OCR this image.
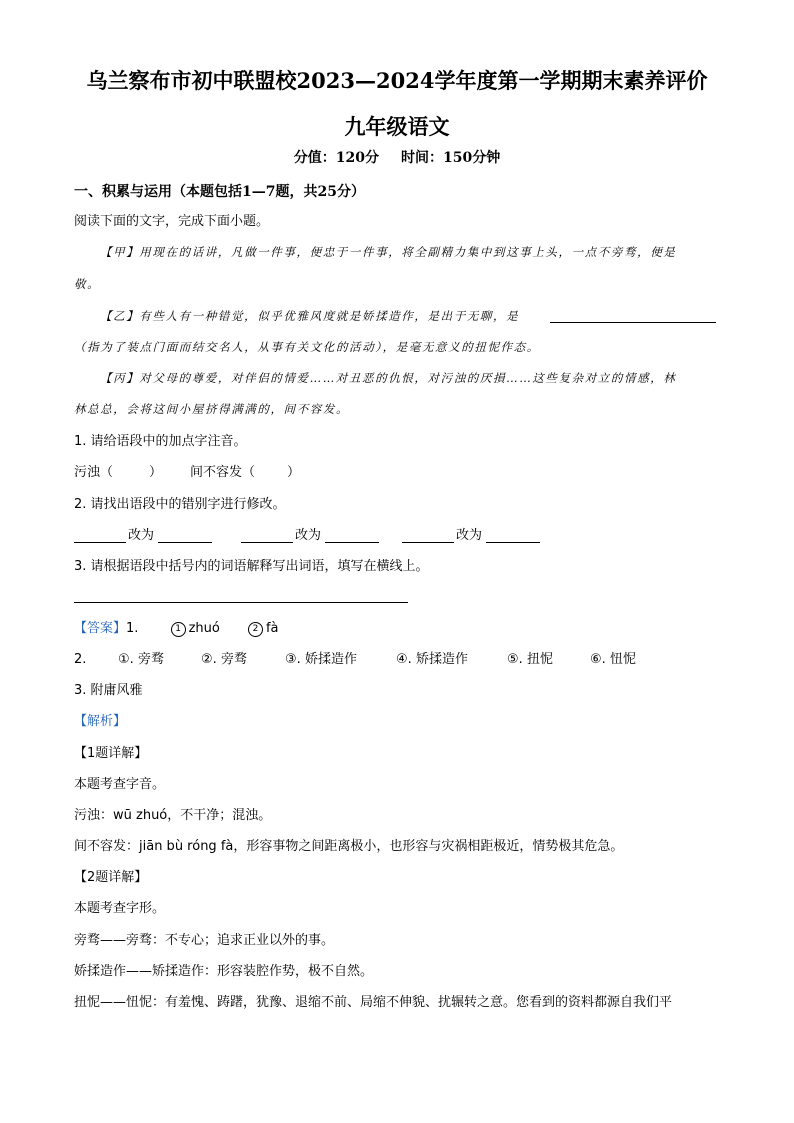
乌兰察布市初中联盟校2023—2024学年度第一学期期末素养评价
九年级语文
分值：120分 时间：150分钟
一、积累与运用（本题包括1—7题，共25分）
阅读下面的文字，完成下面小题。
【甲】用现在的话讲，凡做一件事，便忠于一件事，将全副精力集中到这事上头，一点不旁骛，便是
敬。
【乙】有些人有一种错觉，似乎优雅风度就是娇揉造作，是出于无聊，是
（指为了装点门面而结交名人，从事有关文化的活动），是毫无意义的扭怩作态。
【丙】对父母的尊爱，对伴侣的情爱……对丑恶的仇恨，对污浊的厌損……这些复杂对立的情感，林
林总总，会将这间小屋挤得满满的，间不容发。
1. 请给语段中的加点字注音。
污浊（	） 间不容发（ ）
2. 请找出语段中的错别字进行修改。
改为	改为	改为
3. 请根据语段中括号内的词语解释写出词语，填写在横线上。
【答案】1.	1 zhuó	2 fà
2. ①. 旁骛	②. 旁骛	③. 娇揉造作	④. 矫揉造作	⑤. 扭怩	⑥. 忸怩
3. 附庸风雅
【解析】
【1题详解】
本题考查字音。
污浊：wū zhuó，不干净；混浊。
间不容发：jiān bù róng fà，形容事物之间距离极小，也形容与灾祸相距极近，情势极其危急。
【2题详解】
本题考查字形。
旁骛——旁骛：不专心；追求正业以外的事。
娇揉造作——矫揉造作：形容装腔作势，极不自然。
扭怩——忸怩：有羞愧、踌躇，犹豫、退缩不前、局缩不伸貌、扰辗转之意。您看到的资料都源自我们平
